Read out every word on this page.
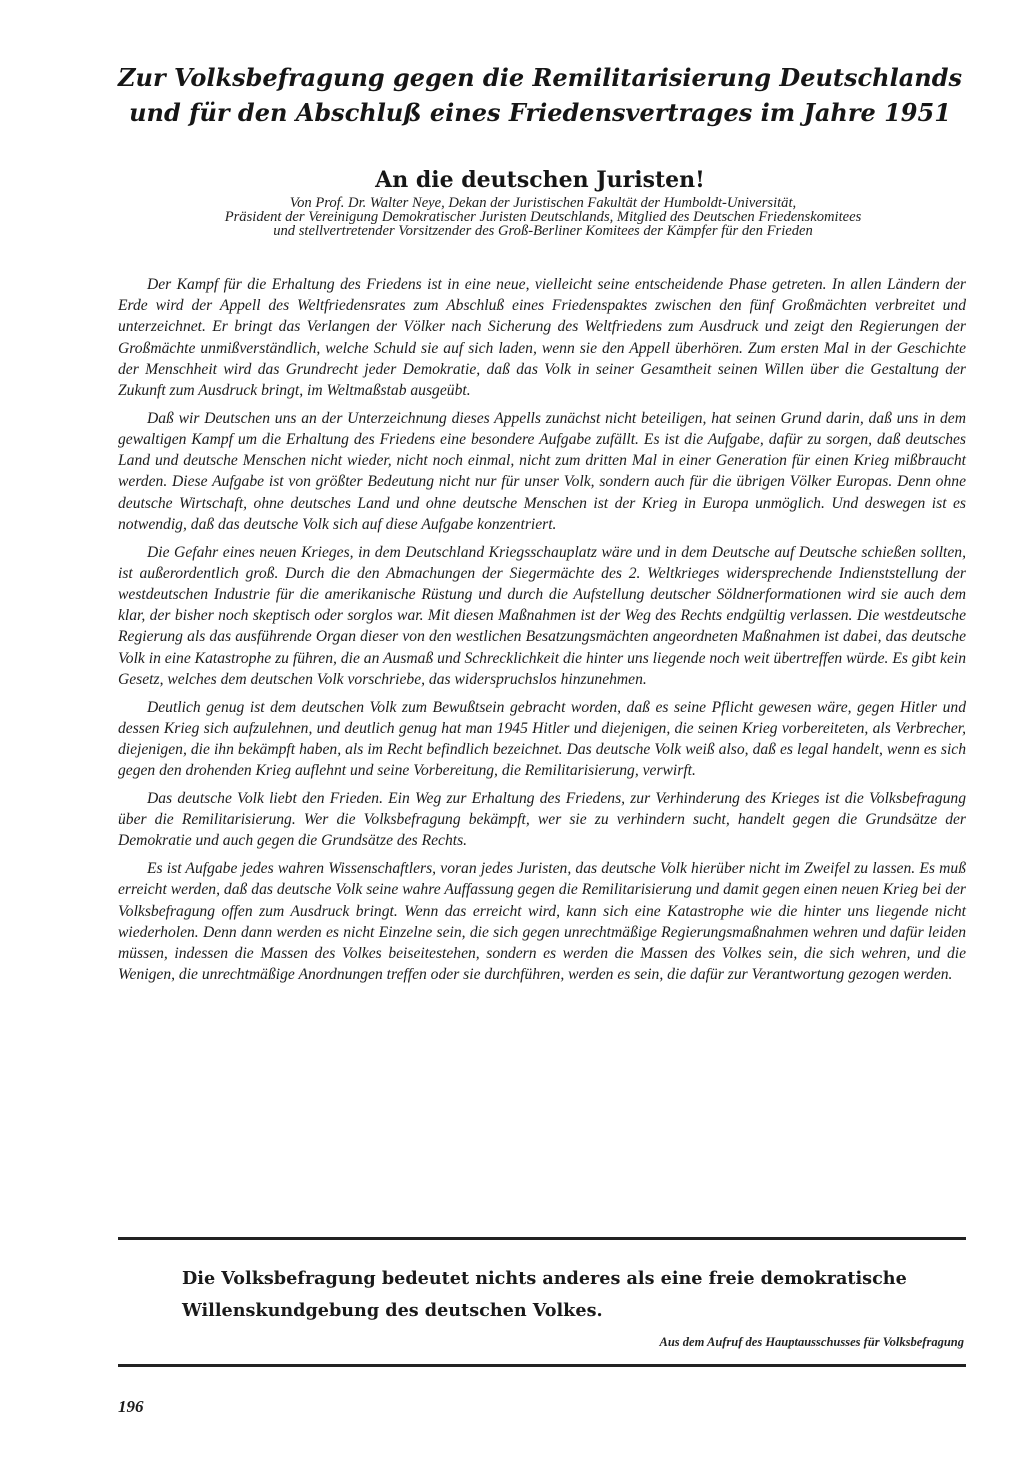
Zur Volksbefragung gegen die Remilitarisierung Deutschlands
und für den Abschluß eines Friedensvertrages im Jahre 1951
An die deutschen Juristen!
Von Prof. Dr. Walter Neye, Dekan der Juristischen Fakultät der Humboldt-Universität,
Präsident der Vereinigung Demokratischer Juristen Deutschlands, Mitglied des Deutschen Friedenskomitees
und stellvertretender Vorsitzender des Groß-Berliner Komitees der Kämpfer für den Frieden

Der Kampf für die Erhaltung des Friedens ist in eine neue, vielleicht seine entscheidende Phase getreten. In allen Ländern der Erde wird der Appell des Weltfriedensrates zum Abschluß eines Friedenspaktes zwischen den fünf Großmächten verbreitet und unterzeichnet. Er bringt das Verlangen der Völker nach Sicherung des Weltfriedens zum Ausdruck und zeigt den Regierungen der Großmächte unmißverständlich, welche Schuld sie auf sich laden, wenn sie den Appell überhören. Zum ersten Mal in der Geschichte der Menschheit wird das Grundrecht jeder Demokratie, daß das Volk in seiner Gesamtheit seinen Willen über die Gestaltung der Zukunft zum Ausdruck bringt, im Weltmaßstab ausgeübt.

Daß wir Deutschen uns an der Unterzeichnung dieses Appells zunächst nicht beteiligen, hat seinen Grund darin, daß uns in dem gewaltigen Kampf um die Erhaltung des Friedens eine besondere Aufgabe zufällt. Es ist die Aufgabe, dafür zu sorgen, daß deutsches Land und deutsche Menschen nicht wieder, nicht noch einmal, nicht zum dritten Mal in einer Generation für einen Krieg mißbraucht werden. Diese Aufgabe ist von größter Bedeutung nicht nur für unser Volk, sondern auch für die übrigen Völker Europas. Denn ohne deutsche Wirtschaft, ohne deutsches Land und ohne deutsche Menschen ist der Krieg in Europa unmöglich. Und deswegen ist es notwendig, daß das deutsche Volk sich auf diese Aufgabe konzentriert.

Die Gefahr eines neuen Krieges, in dem Deutschland Kriegsschauplatz wäre und in dem Deutsche auf Deutsche schießen sollten, ist außerordentlich groß. Durch die den Abmachungen der Siegermächte des 2. Weltkrieges widersprechende Indienststellung der westdeutschen Industrie für die amerikanische Rüstung und durch die Aufstellung deutscher Söldnerformationen wird sie auch dem klar, der bisher noch skeptisch oder sorglos war. Mit diesen Maßnahmen ist der Weg des Rechts endgültig verlassen. Die westdeutsche Regierung als das ausführende Organ dieser von den westlichen Besatzungsmächten angeordneten Maßnahmen ist dabei, das deutsche Volk in eine Katastrophe zu führen, die an Ausmaß und Schrecklichkeit die hinter uns liegende noch weit übertreffen würde. Es gibt kein Gesetz, welches dem deutschen Volk vorschriebe, das widerspruchslos hinzunehmen.

Deutlich genug ist dem deutschen Volk zum Bewußtsein gebracht worden, daß es seine Pflicht gewesen wäre, gegen Hitler und dessen Krieg sich aufzulehnen, und deutlich genug hat man 1945 Hitler und diejenigen, die seinen Krieg vorbereiteten, als Verbrecher, diejenigen, die ihn bekämpft haben, als im Recht befindlich bezeichnet. Das deutsche Volk weiß also, daß es legal handelt, wenn es sich gegen den drohenden Krieg auflehnt und seine Vorbereitung, die Remilitarisierung, verwirft.

Das deutsche Volk liebt den Frieden. Ein Weg zur Erhaltung des Friedens, zur Verhinderung des Krieges ist die Volksbefragung über die Remilitarisierung. Wer die Volksbefragung bekämpft, wer sie zu verhindern sucht, handelt gegen die Grundsätze der Demokratie und auch gegen die Grundsätze des Rechts.

Es ist Aufgabe jedes wahren Wissenschaftlers, voran jedes Juristen, das deutsche Volk hierüber nicht im Zweifel zu lassen. Es muß erreicht werden, daß das deutsche Volk seine wahre Auffassung gegen die Remilitarisierung und damit gegen einen neuen Krieg bei der Volksbefragung offen zum Ausdruck bringt. Wenn das erreicht wird, kann sich eine Katastrophe wie die hinter uns liegende nicht wiederholen. Denn dann werden es nicht Einzelne sein, die sich gegen unrechtmäßige Regierungsmaßnahmen wehren und dafür leiden müssen, indessen die Massen des Volkes beiseitestehen, sondern es werden die Massen des Volkes sein, die sich wehren, und die Wenigen, die unrechtmäßige Anordnungen treffen oder sie durchführen, werden es sein, die dafür zur Verantwortung gezogen werden.

Die Volksbefragung bedeutet nichts anderes als eine freie demokratische
Willenskundgebung des deutschen Volkes.

Aus dem Aufruf des Hauptausschusses für Volksbefragung

196
